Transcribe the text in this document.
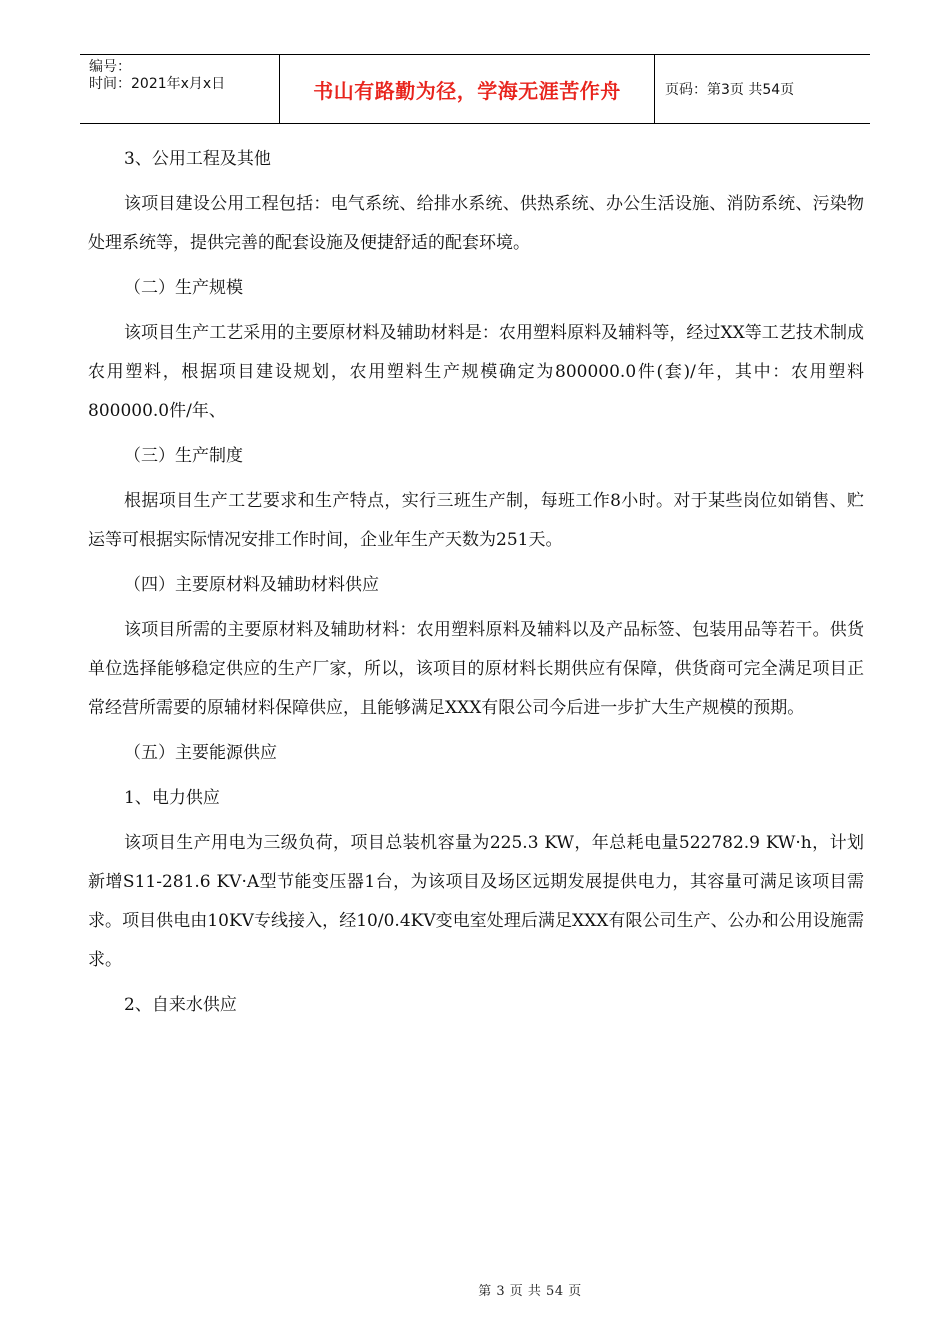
编号：
时间：2021年x月x日	书山有路勤为径，学海无涯苦作舟	页码：第3页 共54页

3、公用工程及其他

该项目建设公用工程包括：电气系统、给排水系统、供热系统、办公生活设施、消防系统、污染物处理系统等，提供完善的配套设施及便捷舒适的配套环境。

（二）生产规模

该项目生产工艺采用的主要原材料及辅助材料是：农用塑料原料及辅料等，经过XX等工艺技术制成农用塑料，根据项目建设规划，农用塑料生产规模确定为800000.0件(套)/年，其中：农用塑料800000.0件/年、

（三）生产制度

根据项目生产工艺要求和生产特点，实行三班生产制，每班工作8小时。对于某些岗位如销售、贮运等可根据实际情况安排工作时间，企业年生产天数为251天。

（四）主要原材料及辅助材料供应

该项目所需的主要原材料及辅助材料：农用塑料原料及辅料以及产品标签、包装用品等若干。供货单位选择能够稳定供应的生产厂家，所以，该项目的原材料长期供应有保障，供货商可完全满足项目正常经营所需要的原辅材料保障供应，且能够满足XXX有限公司今后进一步扩大生产规模的预期。

（五）主要能源供应

1、电力供应

该项目生产用电为三级负荷，项目总装机容量为225.3 KW，年总耗电量522782.9 KW·h，计划新增S11-281.6 KV·A型节能变压器1台，为该项目及场区远期发展提供电力，其容量可满足该项目需求。项目供电由10KV专线接入，经10/0.4KV变电室处理后满足XXX有限公司生产、公办和公用设施需求。

2、自来水供应

第 3 页 共 54 页
